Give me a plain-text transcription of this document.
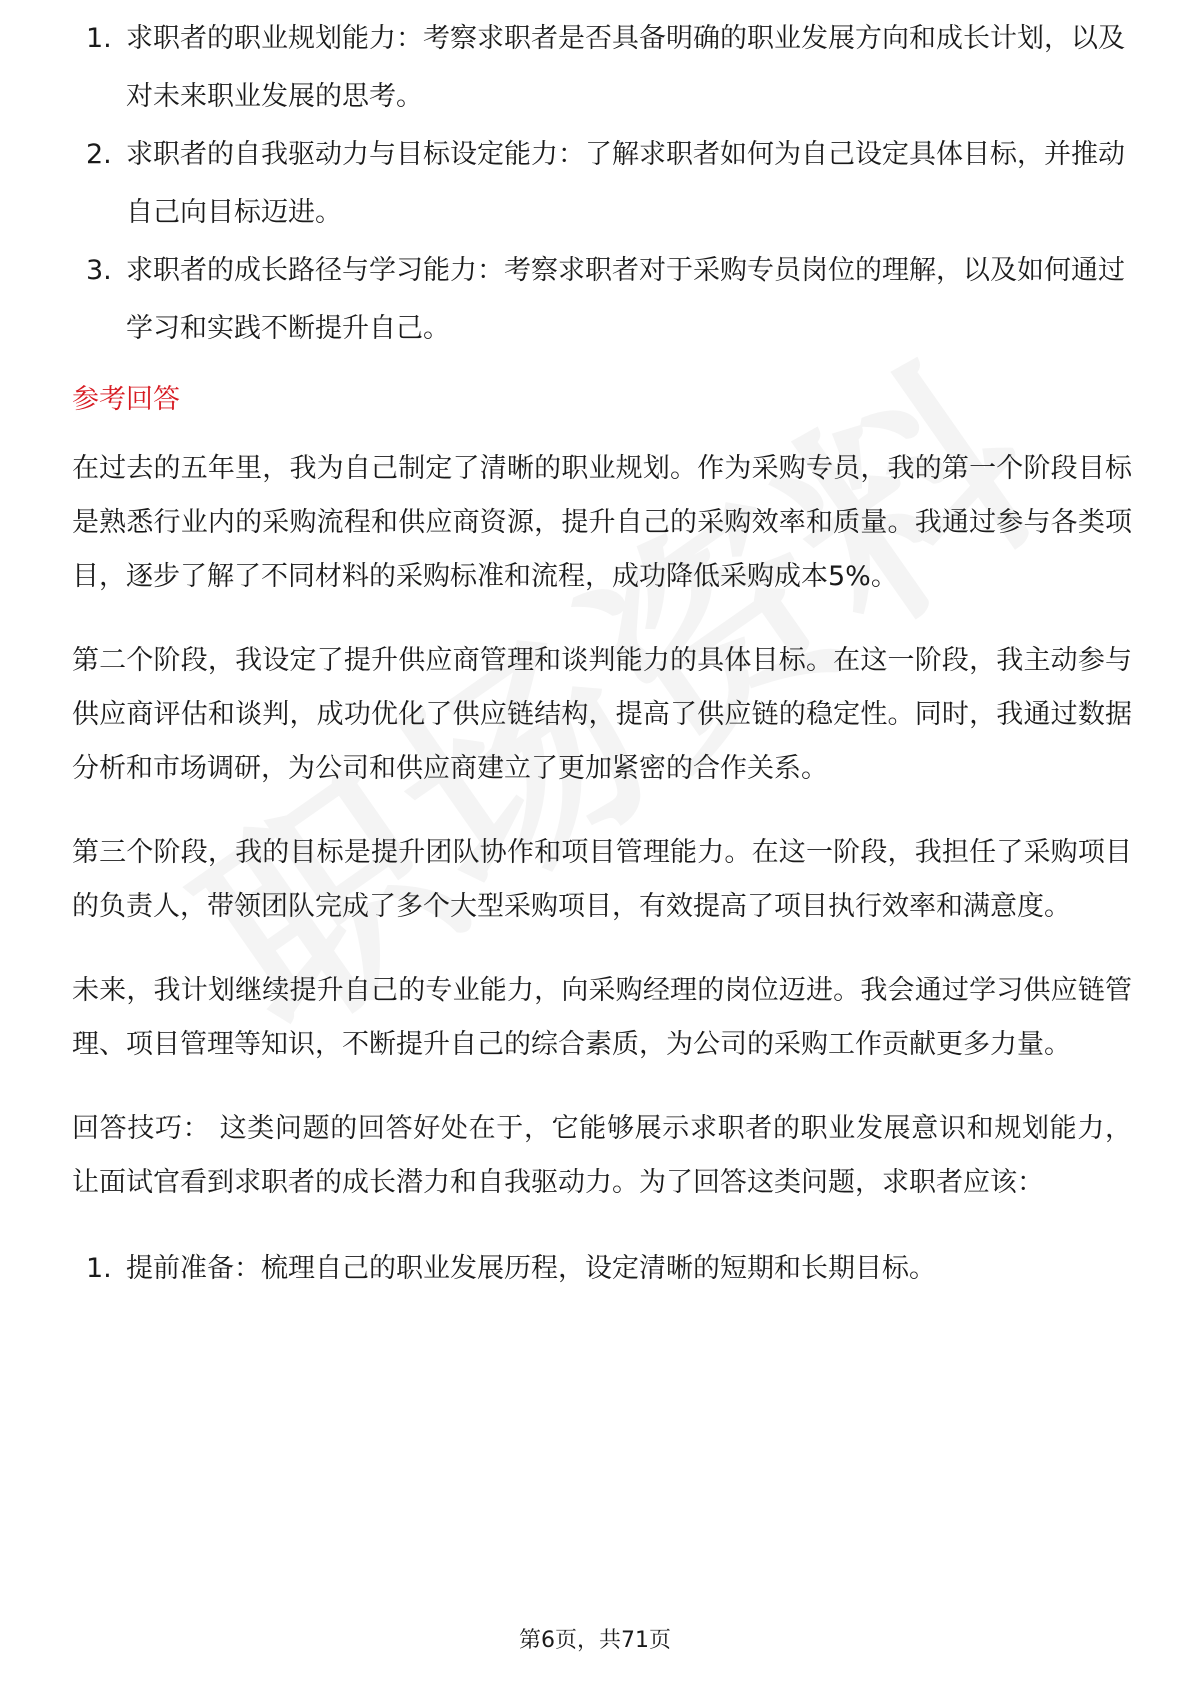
1. 求职者的职业规划能力：考察求职者是否具备明确的职业发展方向和成长计划，以及对未来职业发展的思考。
2. 求职者的自我驱动力与目标设定能力：了解求职者如何为自己设定具体目标，并推动自己向目标迈进。
3. 求职者的成长路径与学习能力：考察求职者对于采购专员岗位的理解，以及如何通过学习和实践不断提升自己。
参考回答

在过去的五年里，我为自己制定了清晰的职业规划。作为采购专员，我的第一个阶段目标是熟悉行业内的采购流程和供应商资源，提升自己的采购效率和质量。我通过参与各类项目，逐步了解了不同材料的采购标准和流程，成功降低采购成本5%。

第二个阶段，我设定了提升供应商管理和谈判能力的具体目标。在这一阶段，我主动参与供应商评估和谈判，成功优化了供应链结构，提高了供应链的稳定性。同时，我通过数据分析和市场调研，为公司和供应商建立了更加紧密的合作关系。

第三个阶段，我的目标是提升团队协作和项目管理能力。在这一阶段，我担任了采购项目的负责人，带领团队完成了多个大型采购项目，有效提高了项目执行效率和满意度。

未来，我计划继续提升自己的专业能力，向采购经理的岗位迈进。我会通过学习供应链管理、项目管理等知识，不断提升自己的综合素质，为公司的采购工作贡献更多力量。

回答技巧： 这类问题的回答好处在于，它能够展示求职者的职业发展意识和规划能力，让面试官看到求职者的成长潜力和自我驱动力。为了回答这类问题，求职者应该：

1. 提前准备：梳理自己的职业发展历程，设定清晰的短期和长期目标。
第6页，共71页
